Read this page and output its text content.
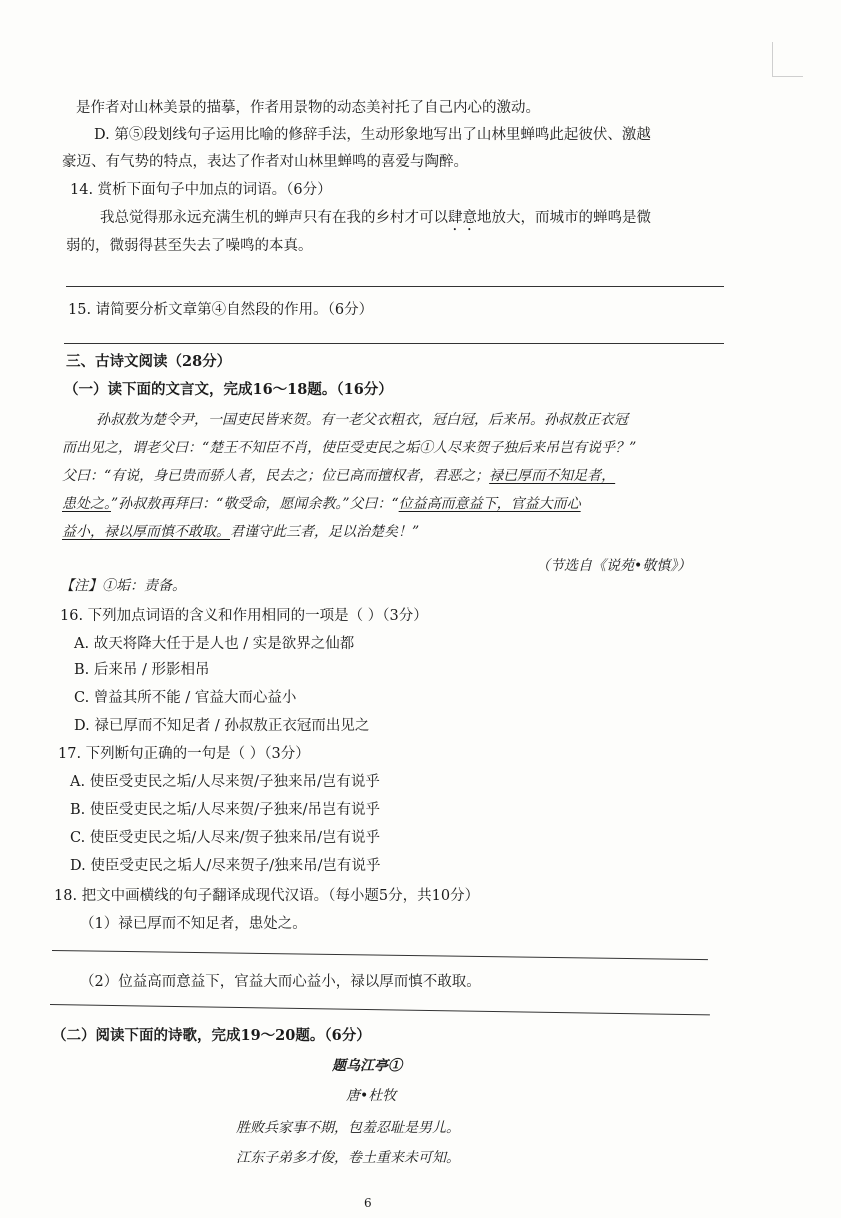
是作者对山林美景的描摹，作者用景物的动态美衬托了自己内心的激动。
D. 第⑤段划线句子运用比喻的修辞手法，生动形象地写出了山林里蝉鸣此起彼伏、激越
豪迈、有气势的特点，表达了作者对山林里蝉鸣的喜爱与陶醉。
14. 赏析下面句子中加点的词语。（6分）
我总觉得那永远充满生机的蝉声只有在我的乡村才可以肆意地放大，而城市的蝉鸣是微
弱的，微弱得甚至失去了噪鸣的本真。
15. 请简要分析文章第④自然段的作用。（6分）
三、古诗文阅读（28分）
（一）读下面的文言文，完成16～18题。（16分）
孙叔敖为楚令尹，一国吏民皆来贺。有一老父衣粗衣，冠白冠，后来吊。孙叔敖正衣冠
而出见之，谓老父曰：“楚王不知臣不肖，使臣受吏民之垢①人尽来贺子独后来吊岂有说乎？”
父曰：“有说，身已贵而骄人者，民去之；位已高而擅权者，君恶之；禄已厚而不知足者，
患处之。”孙叔敖再拜曰：“敬受命，愿闻余教。”父曰：“位益高而意益下，官益大而心
益小，禄以厚而慎不敢取。君谨守此三者，足以治楚矣！”
（节选自《说苑•敬慎》）
【注】①垢：责备。
16. 下列加点词语的含义和作用相同的一项是（ ）（3分）
A. 故天将降大任于是人也 / 实是欲界之仙都
B. 后来吊 / 形影相吊
C. 曾益其所不能 / 官益大而心益小
D. 禄已厚而不知足者 / 孙叔敖正衣冠而出见之
17. 下列断句正确的一句是（ ）（3分）
A. 使臣受吏民之垢/人尽来贺/子独来吊/岂有说乎
B. 使臣受吏民之垢/人尽来贺/子独来/吊岂有说乎
C. 使臣受吏民之垢/人尽来/贺子独来吊/岂有说乎
D. 使臣受吏民之垢人/尽来贺子/独来吊/岂有说乎
18. 把文中画横线的句子翻译成现代汉语。（每小题5分，共10分）
（1）禄已厚而不知足者，患处之。
（2）位益高而意益下，官益大而心益小，禄以厚而慎不敢取。
（二）阅读下面的诗歌，完成19～20题。（6分）
题乌江亭①
唐•杜牧
胜败兵家事不期，包羞忍耻是男儿。
江东子弟多才俊，卷土重来未可知。
6
